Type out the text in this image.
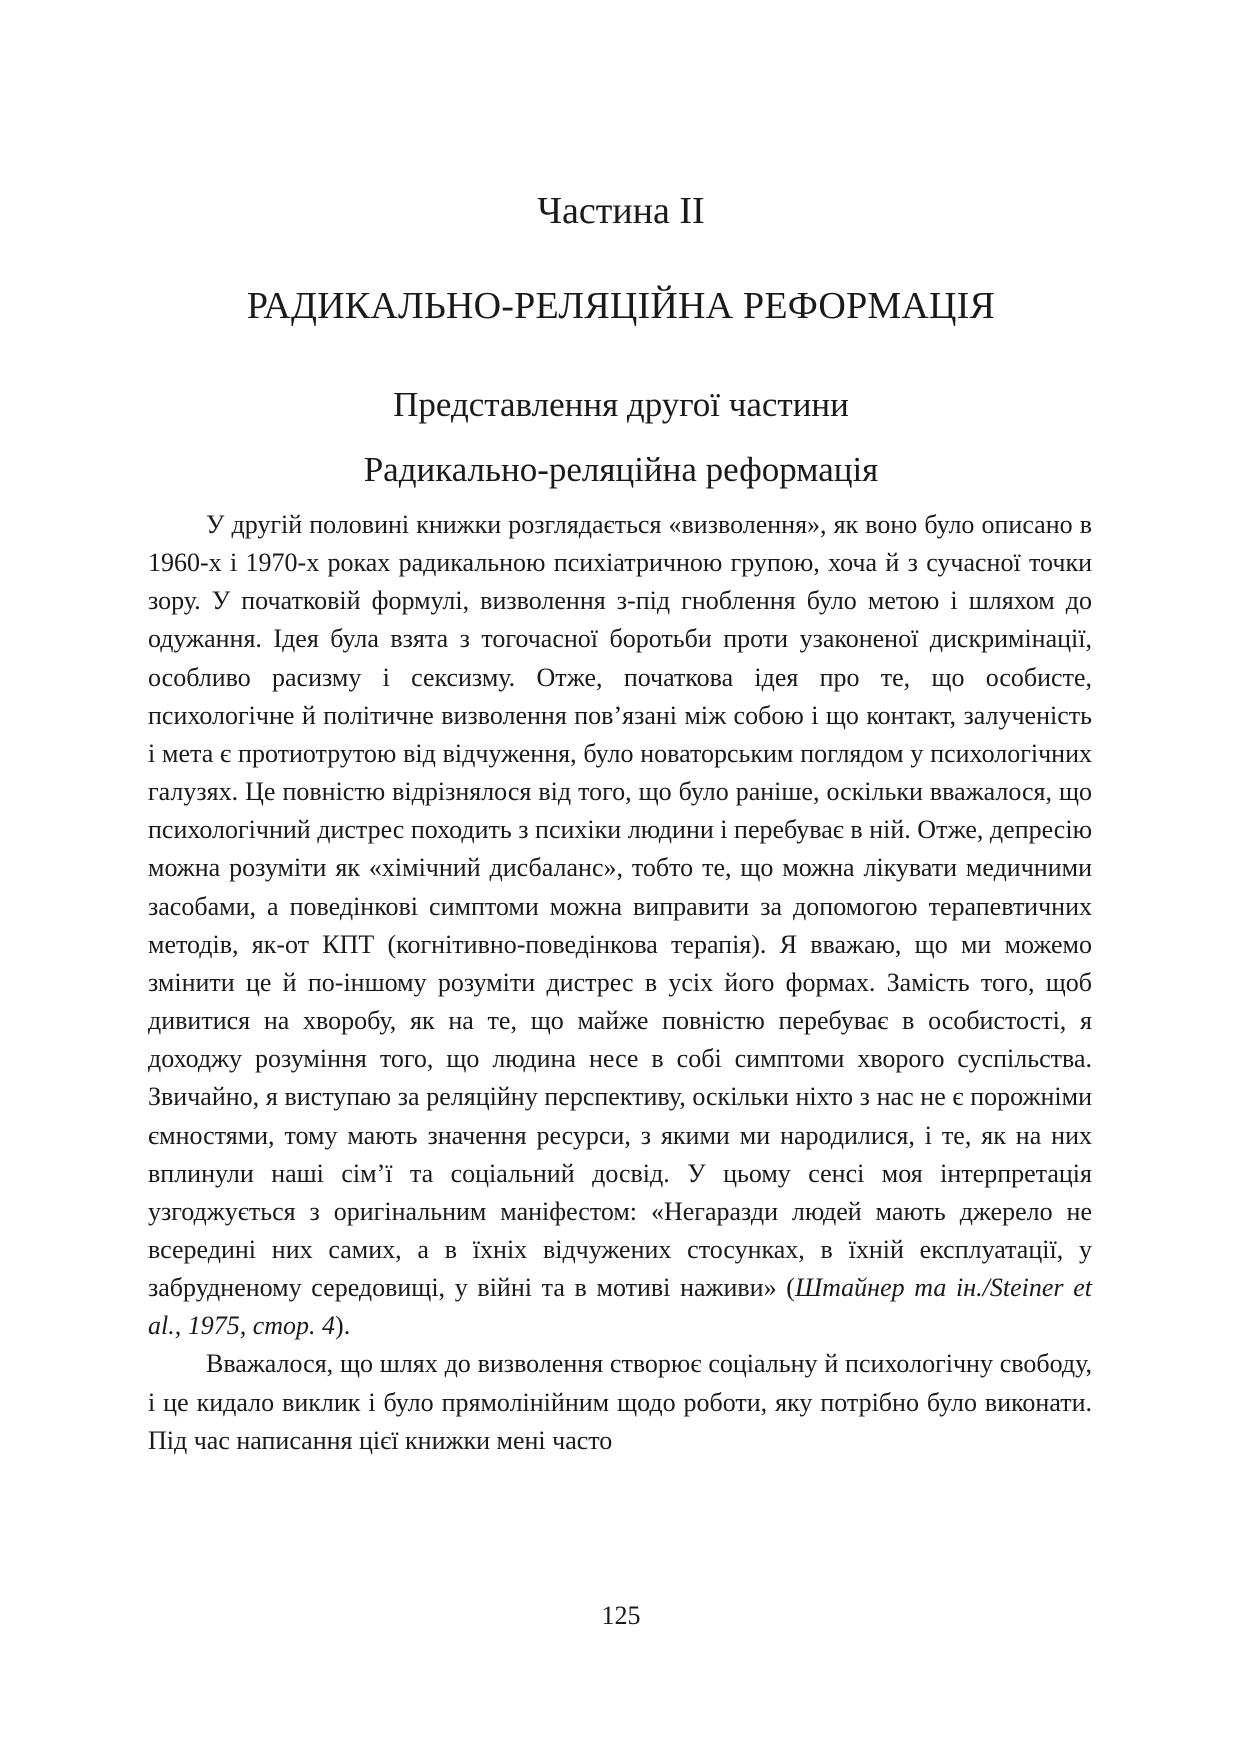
Частина ІІ
РАДИКАЛЬНО-РЕЛЯЦІЙНА РЕФОРМАЦІЯ
Представлення другої частини
Радикально-реляційна реформація

У другій половині книжки розглядається «визволення», як воно було описано в 1960-х і 1970-х роках радикальною психіатричною групою, хоча й з сучасної точки зору. У початковій формулі, визволення з-під гноблення було метою і шляхом до одужання. Ідея була взята з тогочасної боротьби проти узаконеної дискримінації, особливо расизму і сексизму. Отже, початкова ідея про те, що особисте, психологічне й політичне визволення пов’язані між собою і що контакт, залученість і мета є протиотрутою від відчуження, було новаторським поглядом у психологічних галузях. Це повністю відрізнялося від того, що було раніше, оскільки вважалося, що психологічний дистрес походить з психіки людини і перебуває в ній. Отже, депресію можна розуміти як «хімічний дисбаланс», тобто те, що можна лікувати медичними засобами, а поведінкові симптоми можна виправити за допомогою терапевтичних методів, як-от КПТ (когнітивно-поведінкова терапія). Я вважаю, що ми можемо змінити це й по-іншому розуміти дистрес в усіх його формах. Замість того, щоб дивитися на хворобу, як на те, що майже повністю перебуває в особистості, я доходжу розуміння того, що людина несе в собі симптоми хворого суспільства. Звичайно, я виступаю за реляційну перспективу, оскільки ніхто з нас не є порожніми ємностями, тому мають значення ресурси, з якими ми народилися, і те, як на них вплинули наші сім’ї та соціальний досвід. У цьому сенсі моя інтерпретація узгоджується з оригінальним маніфестом: «Негаразди людей мають джерело не всередині них самих, а в їхніх відчужених стосунках, в їхній експлуатації, у забрудненому середовищі, у війні та в мотиві наживи» (Штайнер та ін./Steiner et al., 1975, стор. 4).

Вважалося, що шлях до визволення створює соціальну й психологічну свободу, і це кидало виклик і було прямолінійним щодо роботи, яку потрібно було виконати. Під час написання цієї книжки мені часто

125
